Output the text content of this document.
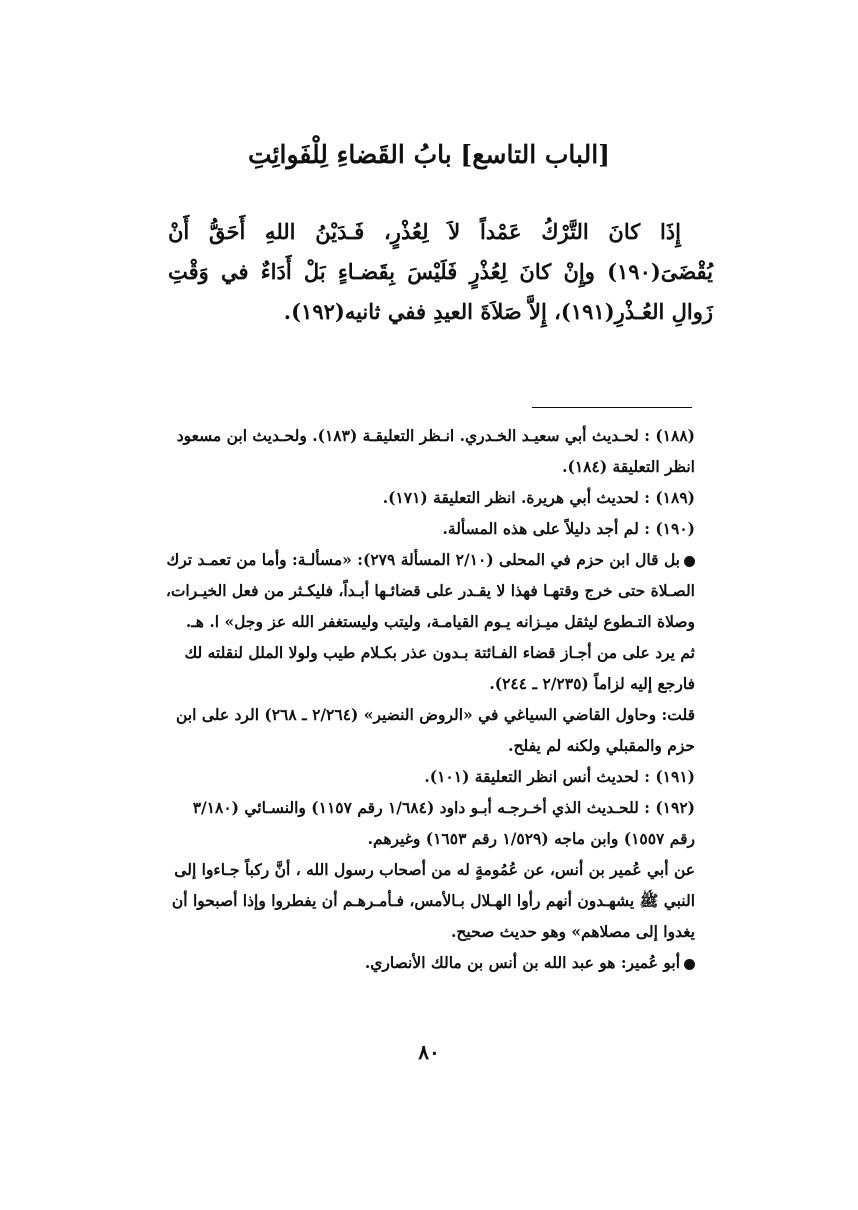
[الباب التاسع] بابُ القَضاءِ لِلْفَوائِتِ

إِذَا كانَ التَّرْكُ عَمْداً لاَ لِعُذْرٍ، فَـدَيْنُ اللهِ أَحَقُّ أَنْ يُقْضَىَ(١٩٠) وإِنْ كانَ لِعُذْرٍ فَلَيْسَ بِقَضـاءٍ بَلْ أَدَاءٌ في وَقْتِ زَوالِ العُـذْرِ(١٩١)، إِلاَّ صَلاَةَ العيدِ ففي ثانيه(١٩٢).

(١٨٨) : لحـديث أبي سعيـد الخـدري. انـظر التعليقـة (١٨٣). ولحـديث ابن مسعود انظر التعليقة (١٨٤).

(١٨٩) : لحديث أبي هريرة. انظر التعليقة (١٧١).

(١٩٠) : لم أجد دليلاً على هذه المسألة.

بل قال ابن حزم في المحلى (٢/١٠ المسألة ٢٧٩): «مسألـة: وأما من تعمـد ترك الصـلاة حتى خرج وقتهـا فهذا لا يقـدر على قضائـها أبـداً، فليكـثر من فعل الخيـرات، وصلاة التـطوع ليثقل ميـزانه يـوم القيامـة، وليتب وليستغفر الله عز وجل» ا. هـ.

ثم يرد على من أجـاز قضاء الفـائتة بـدون عذر بكـلام طيب ولولا الملل لنقلته لك فارجع إليه لزاماً (٢/٢٣٥ ـ ٢٤٤).

قلت: وحاول القاضي السياغي في «الروض النضير» (٢/٢٦٤ ـ ٢٦٨) الرد على ابن حزم والمقبلي ولكنه لم يفلح.

(١٩١) : لحديث أنس انظر التعليقة (١٠١).

(١٩٢) : للحـديث الذي أخـرجـه أبـو داود (١/٦٨٤ رقم ١١٥٧) والنسـائي (٣/١٨٠ رقم ١٥٥٧) وابن ماجه (١/٥٢٩ رقم ١٦٥٣) وغيرهم.

عن أبي عُمير بن أنس، عن عُمُومةٍ له من أصحاب رسول الله ، أنَّ ركباً جـاءوا إلى النبي ﷺ يشهـدون أنهم رأوا الهـلال بـالأمس، فـأمـرهـم أن يفطروا وإذا أصبحوا أن يغدوا إلى مصلاهم» وهو حديث صحيح.

أبو عُمير: هو عبد الله بن أنس بن مالك الأنصاري.

٨٠
